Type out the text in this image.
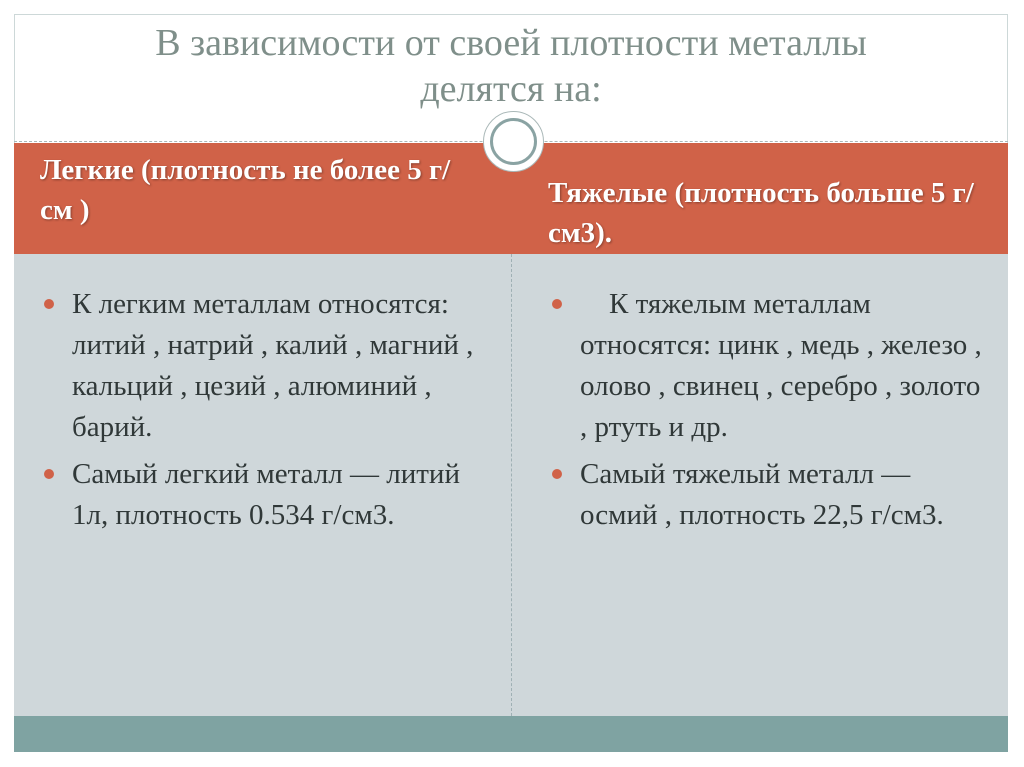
В зависимости от своей плотности металлы
делятся на:
Легкие (плотность не более 5 г/см )
Тяжелые (плотность больше 5 г/см3).
К легким металлам относятся: литий , натрий , калий , магний , кальций , цезий , алюминий , барий.
Самый легкий металл — литий 1л, плотность 0.534 г/см3.
К тяжелым металлам относятся: цинк , медь , железо , олово , свинец , серебро , золото , ртуть и др.
Самый тяжелый металл — осмий , плотность 22,5 г/см3.
